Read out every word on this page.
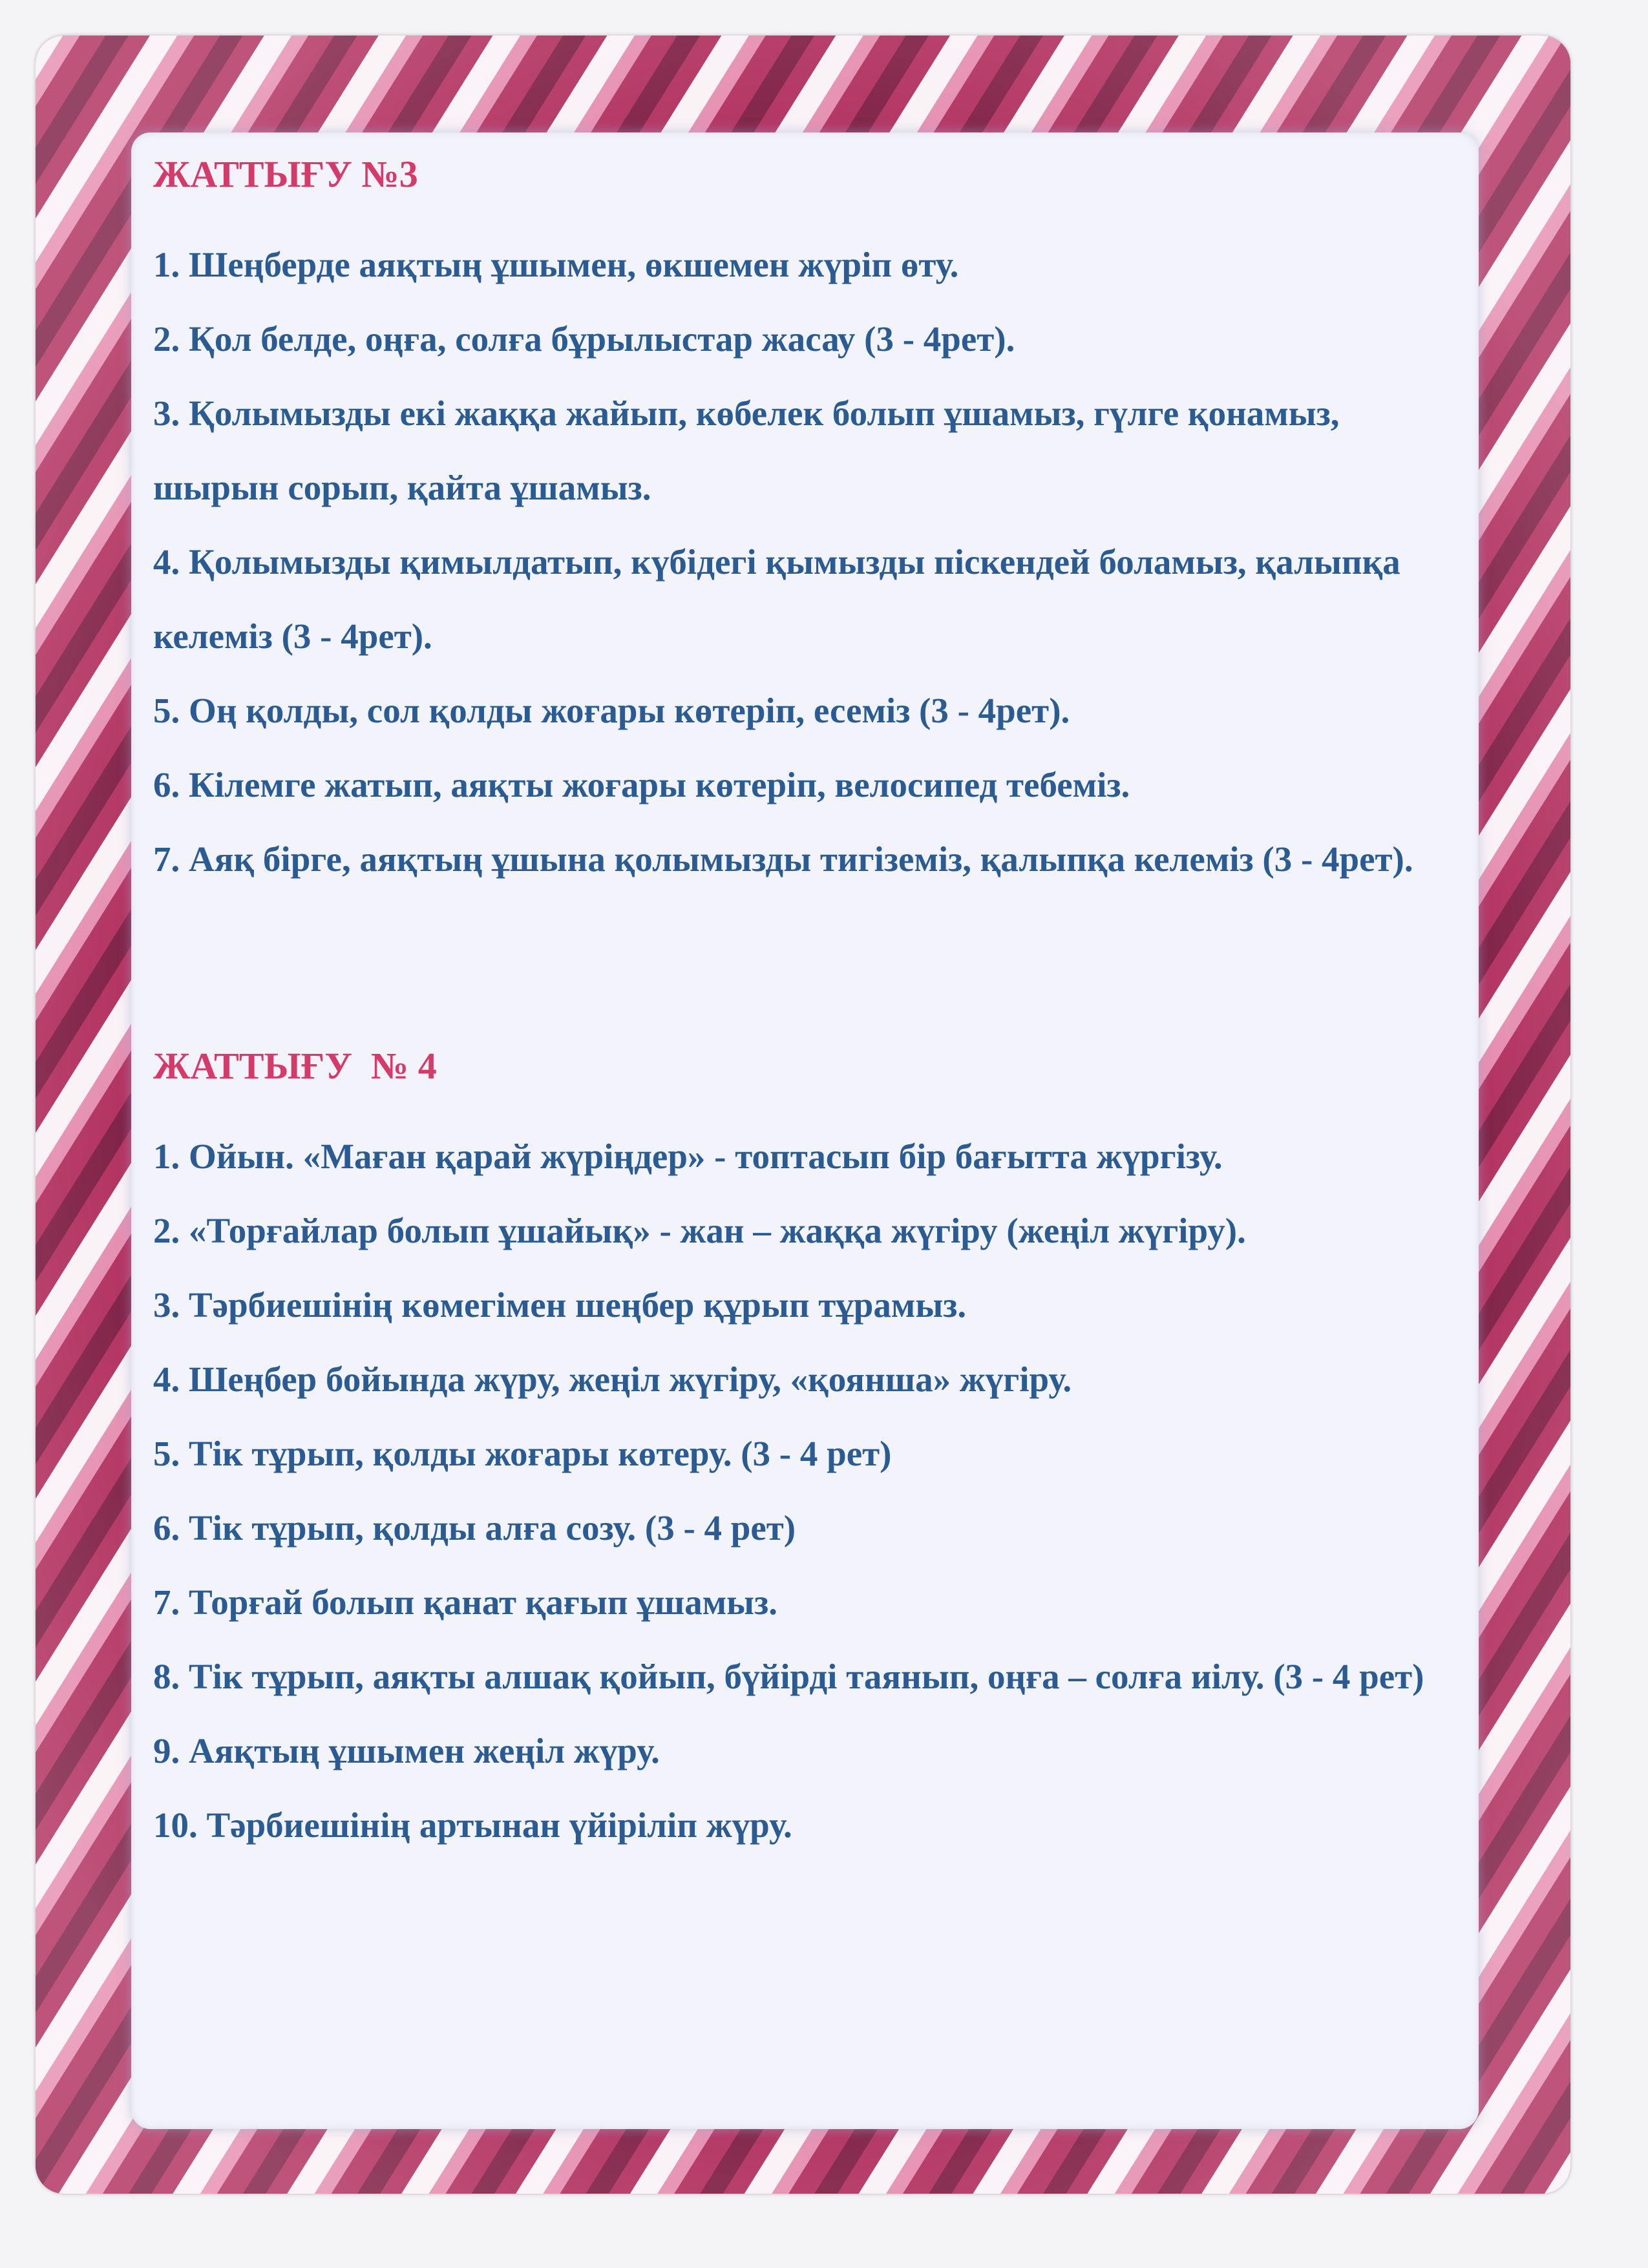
ЖАТТЫҒУ №3
1. Шеңберде аяқтың ұшымен, өкшемен жүріп өту.
2. Қол белде, оңға, солға бұрылыстар жасау (3 - 4рет).
3. Қолымызды екі жаққа жайып, көбелек болып ұшамыз, гүлге қонамыз, шырын сорып, қайта ұшамыз.
4. Қолымызды қимылдатып, күбідегі қымызды піскендей боламыз, қалыпқа келеміз (3 - 4рет).
5. Оң қолды, сол қолды жоғары көтеріп, есеміз (3 - 4рет).
6. Кілемге жатып, аяқты жоғары көтеріп, велосипед тебеміз.
7. Аяқ бірге, аяқтың ұшына қолымызды тигіземіз, қалыпқа келеміз (3 - 4рет).
ЖАТТЫҒУ  № 4
1. Ойын. «Маған қарай жүріңдер» - топтасып бір бағытта жүргізу.
2. «Торғайлар болып ұшайық» - жан – жаққа жүгіру (жеңіл жүгіру).
3. Тәрбиешінің көмегімен шеңбер құрып тұрамыз.
4. Шеңбер бойында жүру, жеңіл жүгіру, «қоянша» жүгіру.
5. Тік тұрып, қолды жоғары көтеру. (3 - 4 рет)
6. Тік тұрып, қолды алға созу. (3 - 4 рет)
7. Торғай болып қанат қағып ұшамыз.
8. Тік тұрып, аяқты алшақ қойып, бүйірді таянып, оңға – солға иілу. (3 - 4 рет)
9. Аяқтың ұшымен жеңіл жүру.
10. Тәрбиешінің артынан үйіріліп жүру.
